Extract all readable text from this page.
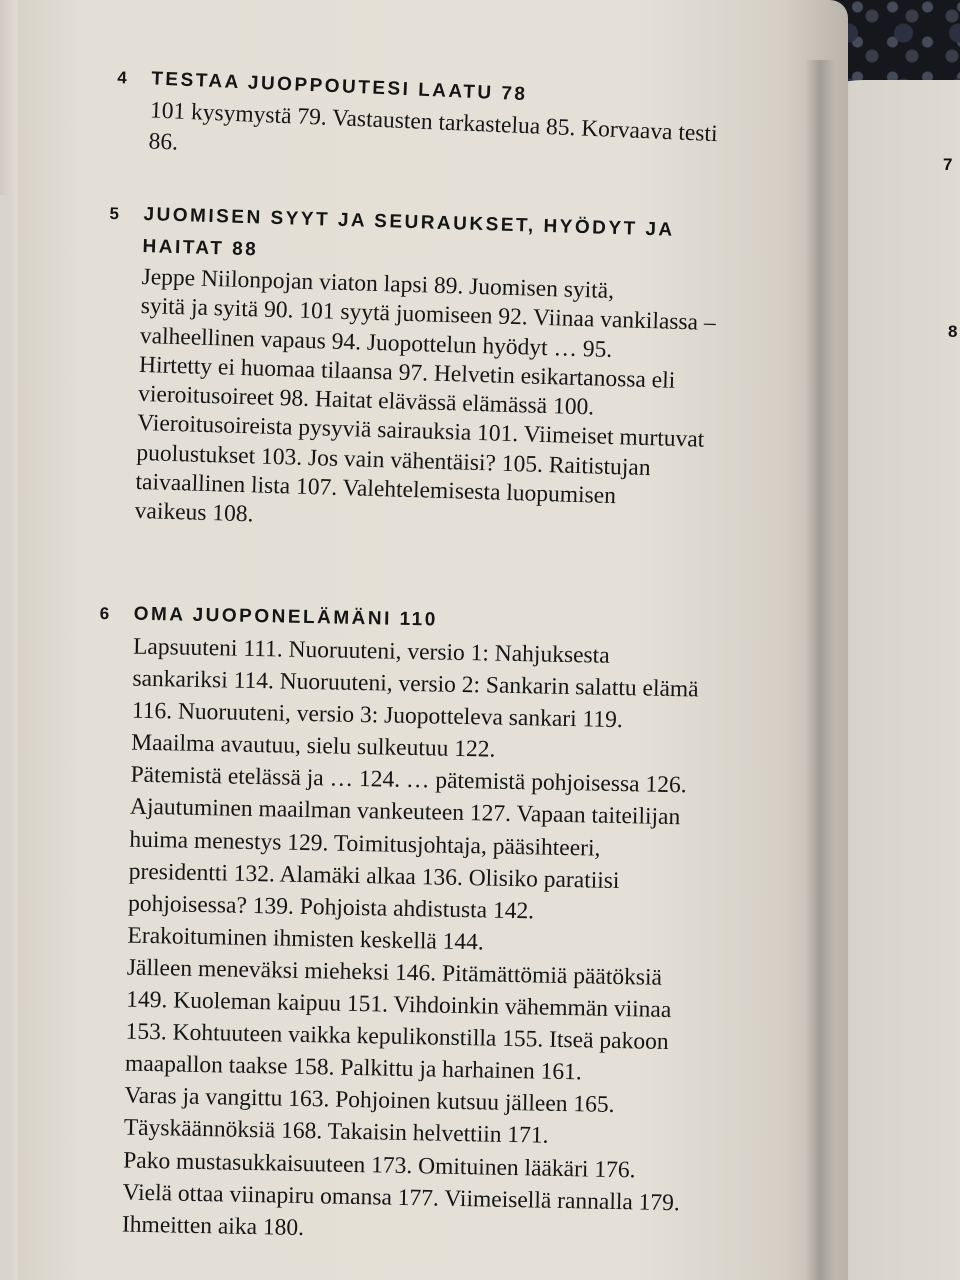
7
8
4 TESTAA JUOPPOUTESI LAATU 78

101 kysymystä 79. Vastausten tarkastelua 85. Korvaava testi
86.

5 JUOMISEN SYYT JA SEURAUKSET, HYÖDYT JA
HAITAT 88

Jeppe Niilonpojan viaton lapsi 89. Juomisen syitä,
syitä ja syitä 90. 101 syytä juomiseen 92. Viinaa vankilassa –
valheellinen vapaus 94. Juopottelun hyödyt … 95.
Hirtetty ei huomaa tilaansa 97. Helvetin esikartanossa eli
vieroitusoireet 98. Haitat elävässä elämässä 100.
Vieroitusoireista pysyviä sairauksia 101. Viimeiset murtuvat
puolustukset 103. Jos vain vähentäisi? 105. Raitistujan
taivaallinen lista 107. Valehtelemisesta luopumisen
vaikeus 108.

6 OMA JUOPONELÄMÄNI 110

Lapsuuteni 111. Nuoruuteni, versio 1: Nahjuksesta
sankariksi 114. Nuoruuteni, versio 2: Sankarin salattu elämä
116. Nuoruuteni, versio 3: Juopotteleva sankari 119.
Maailma avautuu, sielu sulkeutuu 122.
Pätemistä etelässä ja … 124. … pätemistä pohjoisessa 126.
Ajautuminen maailman vankeuteen 127. Vapaan taiteilijan
huima menestys 129. Toimitusjohtaja, pääsihteeri,
presidentti 132. Alamäki alkaa 136. Olisiko paratiisi
pohjoisessa? 139. Pohjoista ahdistusta 142.
Erakoituminen ihmisten keskellä 144.
Jälleen meneväksi mieheksi 146. Pitämättömiä päätöksiä
149. Kuoleman kaipuu 151. Vihdoinkin vähemmän viinaa
153. Kohtuuteen vaikka kepulikonstilla 155. Itseä pakoon
maapallon taakse 158. Palkittu ja harhainen 161.
Varas ja vangittu 163. Pohjoinen kutsuu jälleen 165.
Täyskäännöksiä 168. Takaisin helvettiin 171.
Pako mustasukkaisuuteen 173. Omituinen lääkäri 176.
Vielä ottaa viinapiru omansa 177. Viimeisellä rannalla 179.
Ihmeitten aika 180.
